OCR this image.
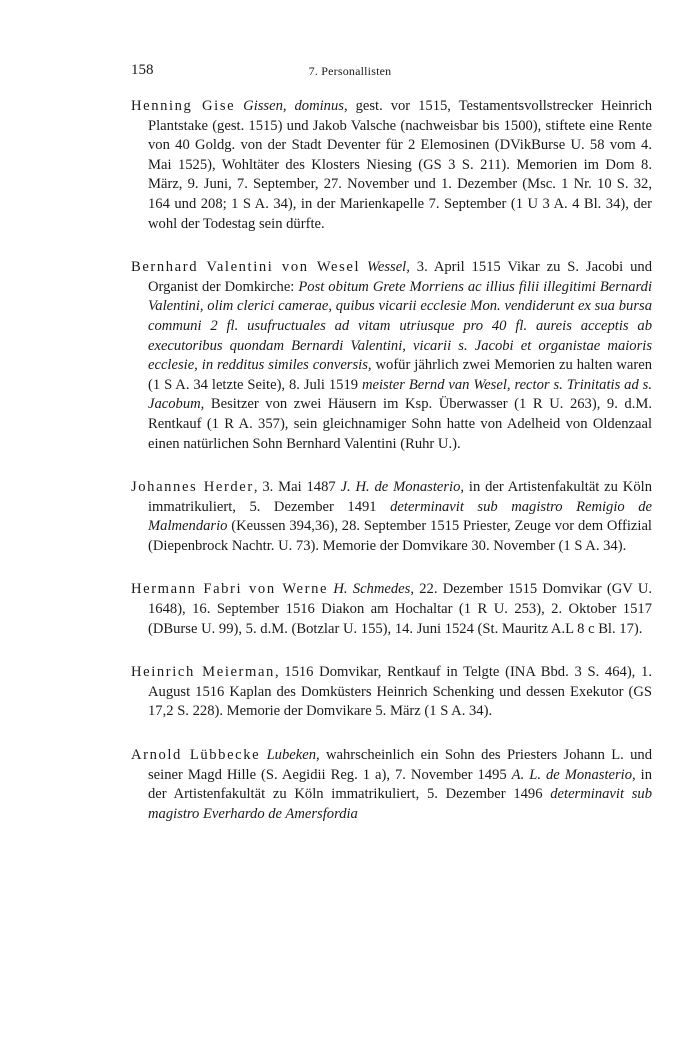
158	7. Personallisten

Henning Gise Gissen, dominus, gest. vor 1515, Testamentsvollstrecker Heinrich Plantstake (gest. 1515) und Jakob Valsche (nachweisbar bis 1500), stiftete eine Rente von 40 Goldg. von der Stadt Deventer für 2 Elemosinen (DVikBurse U. 58 vom 4. Mai 1525), Wohltäter des Klosters Niesing (GS 3 S. 211). Memorien im Dom 8. März, 9. Juni, 7. September, 27. November und 1. Dezember (Msc. 1 Nr. 10 S. 32, 164 und 208; 1 S A. 34), in der Marienkapelle 7. September (1 U 3 A. 4 Bl. 34), der wohl der Todestag sein dürfte.

Bernhard Valentini von Wesel Wessel, 3. April 1515 Vikar zu S. Jacobi und Organist der Domkirche: Post obitum Grete Morriens ac illius filii illegitimi Bernardi Valentini, olim clerici camerae, quibus vicarii ecclesie Mon. vendiderunt ex sua bursa communi 2 fl. usufructuales ad vitam utriusque pro 40 fl. aureis acceptis ab executoribus quondam Bernardi Valentini, vicarii s. Jacobi et organistae maioris ecclesie, in redditus similes conversis, wofür jährlich zwei Memorien zu halten waren (1 S A. 34 letzte Seite), 8. Juli 1519 meister Bernd van Wesel, rector s. Trinitatis ad s. Jacobum, Besitzer von zwei Häusern im Ksp. Überwasser (1 R U. 263), 9. d.M. Rentkauf (1 R A. 357), sein gleichnamiger Sohn hatte von Adelheid von Oldenzaal einen natürlichen Sohn Bernhard Valentini (Ruhr U.).

Johannes Herder, 3. Mai 1487 J. H. de Monasterio, in der Artistenfakultät zu Köln immatrikuliert, 5. Dezember 1491 determinavit sub magistro Remigio de Malmendario (Keussen 394,36), 28. September 1515 Priester, Zeuge vor dem Offizial (Diepenbrock Nachtr. U. 73). Memorie der Domvikare 30. November (1 S A. 34).

Hermann Fabri von Werne H. Schmedes, 22. Dezember 1515 Domvikar (GV U. 1648), 16. September 1516 Diakon am Hochaltar (1 R U. 253), 2. Oktober 1517 (DBurse U. 99), 5. d.M. (Botzlar U. 155), 14. Juni 1524 (St. Mauritz A.L 8 c Bl. 17).

Heinrich Meierman, 1516 Domvikar, Rentkauf in Telgte (INA Bbd. 3 S. 464), 1. August 1516 Kaplan des Domküsters Heinrich Schenking und dessen Exekutor (GS 17,2 S. 228). Memorie der Domvikare 5. März (1 S A. 34).

Arnold Lübbecke Lubeken, wahrscheinlich ein Sohn des Priesters Johann L. und seiner Magd Hille (S. Aegidii Reg. 1 a), 7. November 1495 A. L. de Monasterio, in der Artistenfakultät zu Köln immatrikuliert, 5. Dezember 1496 determinavit sub magistro Everhardo de Amersfordia
